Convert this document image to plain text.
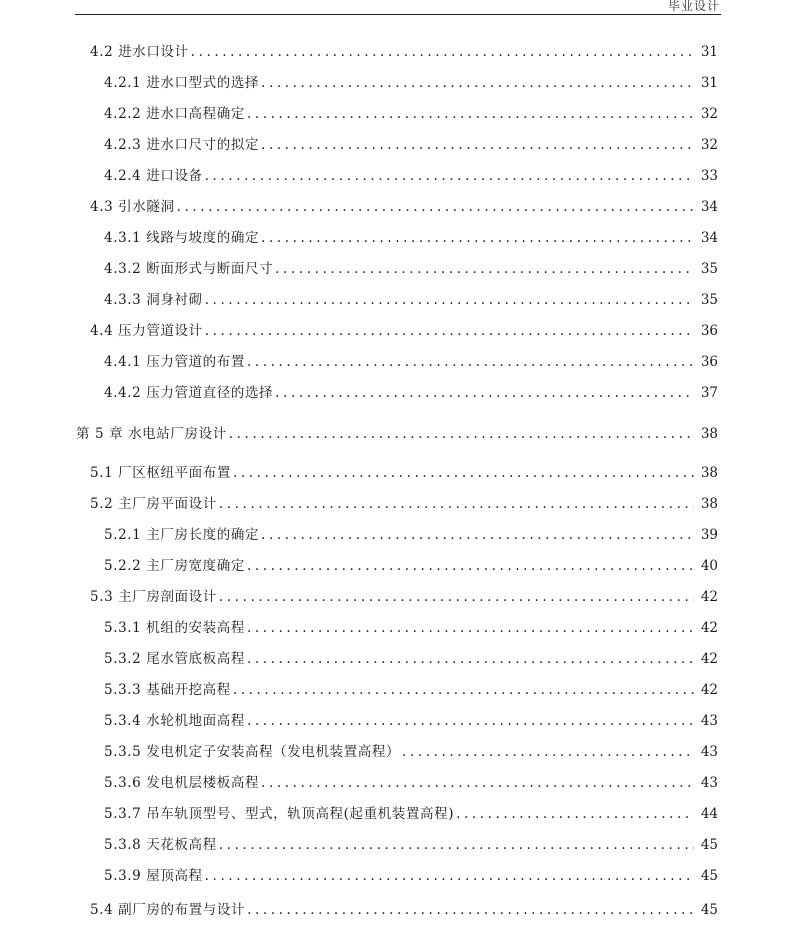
毕业设计
4.2 进水口设计 .....	31
4.2.1 进水口型式的选择 .....	31
4.2.2 进水口高程确定 .....	32
4.2.3 进水口尺寸的拟定 .....	32
4.2.4 进口设备 .....	33
4.3 引水隧洞 .....	34
4.3.1 线路与坡度的确定 .....	34
4.3.2 断面形式与断面尺寸 .....	35
4.3.3 洞身衬砌 .....	35
4.4 压力管道设计 .....	36
4.4.1 压力管道的布置 .....	36
4.4.2 压力管道直径的选择 .....	37
第 5 章 水电站厂房设计 .....	38
5.1 厂区枢纽平面布置 .....	38
5.2 主厂房平面设计 .....	38
5.2.1 主厂房长度的确定 .....	39
5.2.2 主厂房宽度确定 .....	40
5.3 主厂房剖面设计 .....	42
5.3.1 机组的安装高程 .....	42
5.3.2 尾水管底板高程 .....	42
5.3.3 基础开挖高程 .....	42
5.3.4 水轮机地面高程 .....	43
5.3.5 发电机定子安装高程（发电机装置高程） .....	43
5.3.6 发电机层楼板高程 .....	43
5.3.7 吊车轨顶型号、型式，轨顶高程(起重机装置高程) .....	44
5.3.8 天花板高程 .....	45
5.3.9 屋顶高程 .....	45
5.4 副厂房的布置与设计 .....	45
